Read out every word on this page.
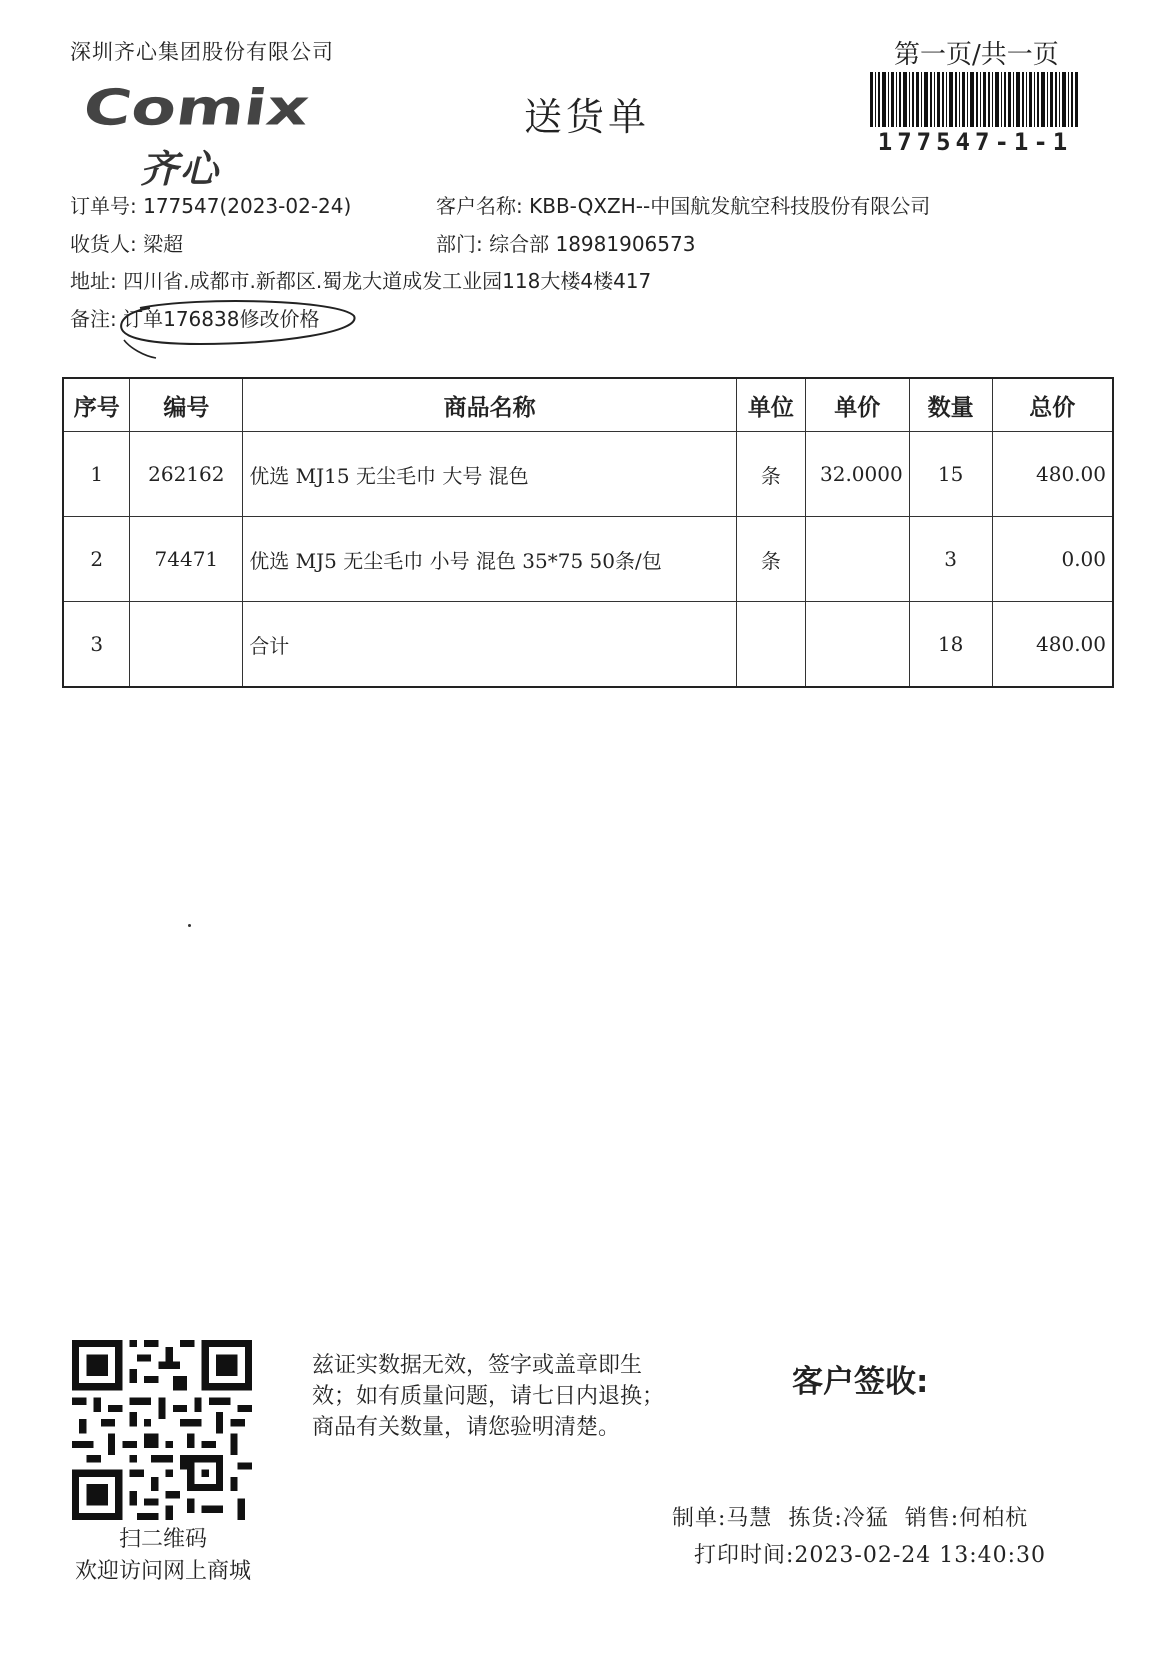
深圳齐心集团股份有限公司	第一页/共一页
177547-1-1
Comix
齐心
送货单
订单号: 177547(2023-02-24)	客户名称: KBB-QXZH--中国航发航空科技股份有限公司
收货人: 梁超	部门: 综合部 18981906573
地址: 四川省.成都市.新都区.蜀龙大道成发工业园118大楼4楼417
备注: 订单176838修改价格
序号	编号	商品名称	单位	单价	数量	总价
1	262162	优选 MJ15 无尘毛巾 大号 混色	条	32.0000	15	480.00
2	74471	优选 MJ5 无尘毛巾 小号 混色 35*75 50条/包	条		3	0.00
3		合计			18	480.00
扫二维码
欢迎访问网上商城
兹证实数据无效，签字或盖章即生
效；如有质量问题，请七日内退换；
商品有关数量，请您验明清楚。
客户签收:
制单:马慧  拣货:冷猛  销售:何柏杭
打印时间:2023-02-24 13:40:30
